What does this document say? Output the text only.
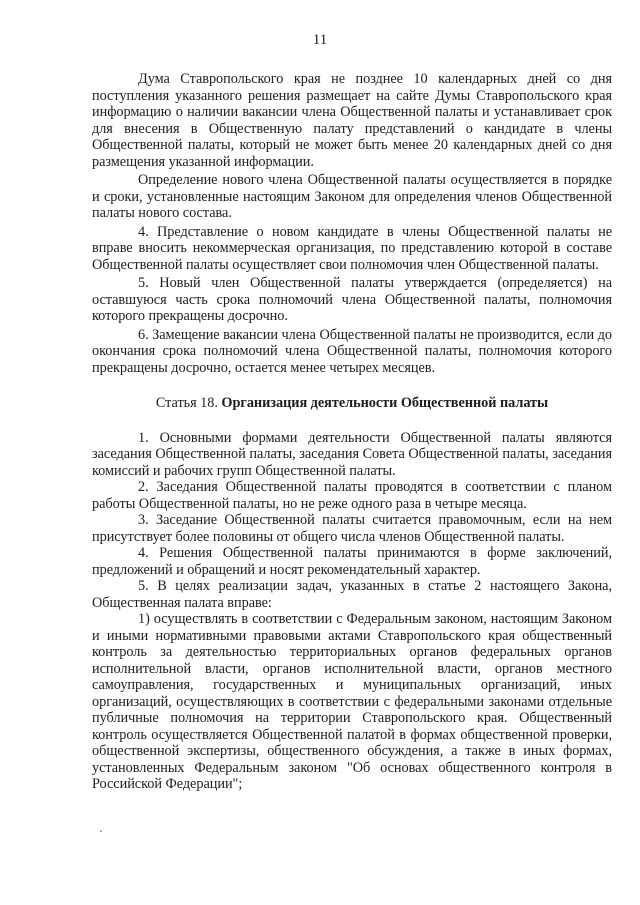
11

Дума Ставропольского края не позднее 10 календарных дней со дня поступления указанного решения размещает на сайте Думы Ставропольского края информацию о наличии вакансии члена Общественной палаты и устанавливает срок для внесения в Общественную палату представлений о кандидате в члены Общественной палаты, который не может быть менее 20 календарных дней со дня размещения указанной информации.

Определение нового члена Общественной палаты осуществляется в порядке и сроки, установленные настоящим Законом для определения членов Общественной палаты нового состава.

4. Представление о новом кандидате в члены Общественной палаты не вправе вносить некоммерческая организация, по представлению которой в составе Общественной палаты осуществляет свои полномочия член Общественной палаты.

5. Новый член Общественной палаты утверждается (определяется) на оставшуюся часть срока полномочий члена Общественной палаты, полномочия которого прекращены досрочно.

6. Замещение вакансии члена Общественной палаты не производится, если до окончания срока полномочий члена Общественной палаты, полномочия которого прекращены досрочно, остается менее четырех месяцев.

Статья 18. Организация деятельности Общественной палаты

1. Основными формами деятельности Общественной палаты являются заседания Общественной палаты, заседания Совета Общественной палаты, заседания комиссий и рабочих групп Общественной палаты.

2. Заседания Общественной палаты проводятся в соответствии с планом работы Общественной палаты, но не реже одного раза в четыре месяца.

3. Заседание Общественной палаты считается правомочным, если на нем присутствует более половины от общего числа членов Общественной палаты.

4. Решения Общественной палаты принимаются в форме заключений, предложений и обращений и носят рекомендательный характер.

5. В целях реализации задач, указанных в статье 2 настоящего Закона, Общественная палата вправе:

1) осуществлять в соответствии с Федеральным законом, настоящим Законом и иными нормативными правовыми актами Ставропольского края общественный контроль за деятельностью территориальных органов федеральных органов исполнительной власти, органов исполнительной власти, органов местного самоуправления, государственных и муниципальных организаций, иных организаций, осуществляющих в соответствии с федеральными законами отдельные публичные полномочия на территории Ставропольского края. Общественный контроль осуществляется Общественной палатой в формах общественной проверки, общественной экспертизы, общественного обсуждения, а также в иных формах, установленных Федеральным законом "Об основах общественного контроля в Российской Федерации";
